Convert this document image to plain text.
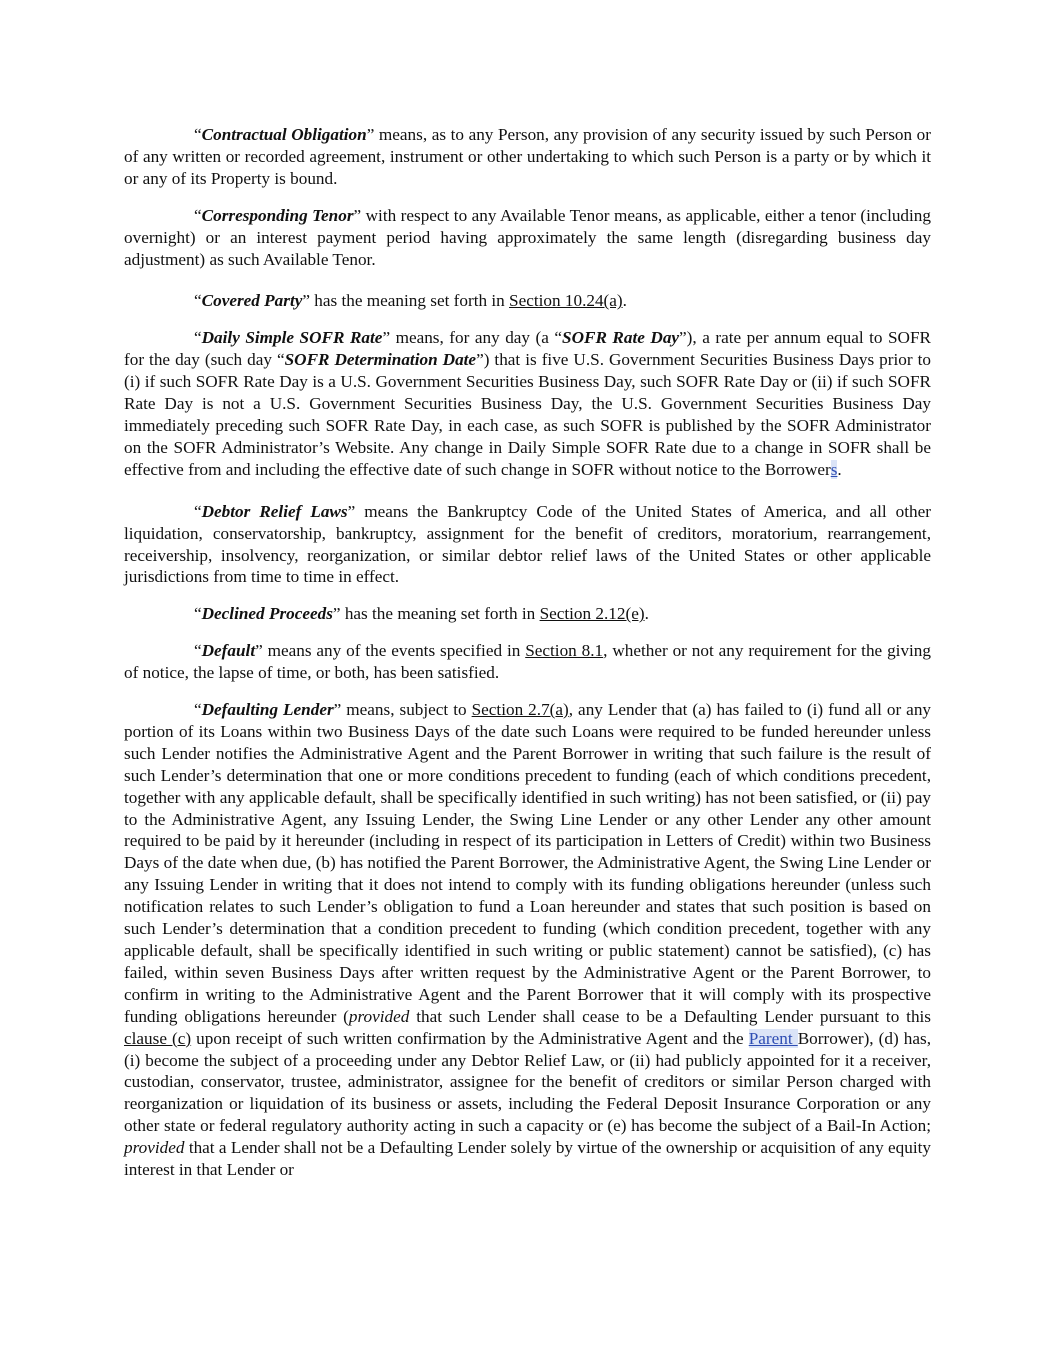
“Contractual Obligation” means, as to any Person, any provision of any security issued by such Person or of any written or recorded agreement, instrument or other undertaking to which such Person is a party or by which it or any of its Property is bound.

“Corresponding Tenor” with respect to any Available Tenor means, as applicable, either a tenor (including overnight) or an interest payment period having approximately the same length (disregarding business day adjustment) as such Available Tenor.

“Covered Party” has the meaning set forth in Section 10.24(a).

“Daily Simple SOFR Rate” means, for any day (a “SOFR Rate Day”), a rate per annum equal to SOFR for the day (such day “SOFR Determination Date”) that is five U.S. Government Securities Business Days prior to (i) if such SOFR Rate Day is a U.S. Government Securities Business Day, such SOFR Rate Day or (ii) if such SOFR Rate Day is not a U.S. Government Securities Business Day, the U.S. Government Securities Business Day immediately preceding such SOFR Rate Day, in each case, as such SOFR is published by the SOFR Administrator on the SOFR Administrator’s Website. Any change in Daily Simple SOFR Rate due to a change in SOFR shall be effective from and including the effective date of such change in SOFR without notice to the Borrowers.

“Debtor Relief Laws” means the Bankruptcy Code of the United States of America, and all other liquidation, conservatorship, bankruptcy, assignment for the benefit of creditors, moratorium, rearrangement, receivership, insolvency, reorganization, or similar debtor relief laws of the United States or other applicable jurisdictions from time to time in effect.

“Declined Proceeds” has the meaning set forth in Section 2.12(e).

“Default” means any of the events specified in Section 8.1, whether or not any requirement for the giving of notice, the lapse of time, or both, has been satisfied.

“Defaulting Lender” means, subject to Section 2.7(a), any Lender that (a) has failed to (i) fund all or any portion of its Loans within two Business Days of the date such Loans were required to be funded hereunder unless such Lender notifies the Administrative Agent and the Parent Borrower in writing that such failure is the result of such Lender’s determination that one or more conditions precedent to funding (each of which conditions precedent, together with any applicable default, shall be specifically identified in such writing) has not been satisfied, or (ii) pay to the Administrative Agent, any Issuing Lender, the Swing Line Lender or any other Lender any other amount required to be paid by it hereunder (including in respect of its participation in Letters of Credit) within two Business Days of the date when due, (b) has notified the Parent Borrower, the Administrative Agent, the Swing Line Lender or any Issuing Lender in writing that it does not intend to comply with its funding obligations hereunder (unless such notification relates to such Lender’s obligation to fund a Loan hereunder and states that such position is based on such Lender’s determination that a condition precedent to funding (which condition precedent, together with any applicable default, shall be specifically identified in such writing or public statement) cannot be satisfied), (c) has failed, within seven Business Days after written request by the Administrative Agent or the Parent Borrower, to confirm in writing to the Administrative Agent and the Parent Borrower that it will comply with its prospective funding obligations hereunder (provided that such Lender shall cease to be a Defaulting Lender pursuant to this clause (c) upon receipt of such written confirmation by the Administrative Agent and the Parent Borrower), (d) has, (i) become the subject of a proceeding under any Debtor Relief Law, or (ii) had publicly appointed for it a receiver, custodian, conservator, trustee, administrator, assignee for the benefit of creditors or similar Person charged with reorganization or liquidation of its business or assets, including the Federal Deposit Insurance Corporation or any other state or federal regulatory authority acting in such a capacity or (e) has become the subject of a Bail-In Action; provided that a Lender shall not be a Defaulting Lender solely by virtue of the ownership or acquisition of any equity interest in that Lender or
